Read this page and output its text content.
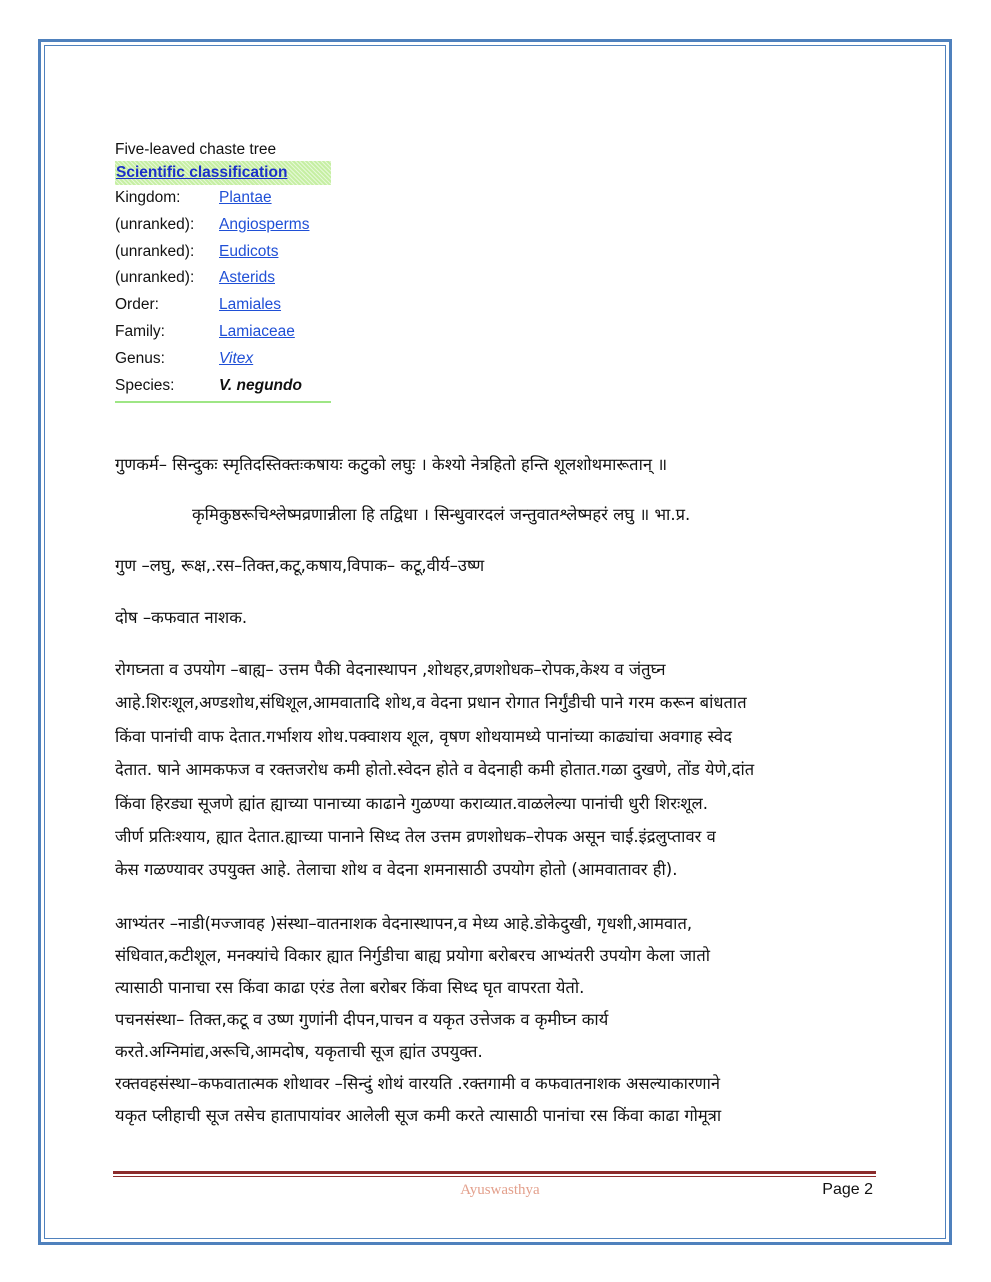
Five-leaved chaste tree
Scientific classification
Kingdom:	Plantae
(unranked):	Angiosperms
(unranked):	Eudicots
(unranked):	Asterids
Order:	Lamiales
Family:	Lamiaceae
Genus:	Vitex
Species:	V. negundo

गुणकर्म– सिन्दुकः स्मृतिदस्तिक्तःकषायः कटुको लघुः । केश्यो नेत्रहितो हन्ति शूलशोथमारूतान् ॥

कृमिकुष्ठरूचिश्लेष्मव्रणान्नीला हि तद्विधा । सिन्धुवारदलं जन्तुवातश्लेष्महरं लघु ॥ भा.प्र.

गुण –लघु, रूक्ष,.रस–तिक्त,कटू,कषाय,विपाक– कटू,वीर्य–उष्ण

दोष –कफवात नाशक.

रोगघ्नता व उपयोग –बाह्य– उत्तम पैकी वेदनास्थापन ,शोथहर,व्रणशोधक–रोपक,केश्य व जंतुघ्न
आहे.शिरःशूल,अण्डशोथ,संधिशूल,आमवातादि शोथ,व वेदना प्रधान रोगात निर्गुंडीची पाने गरम करून बांधतात
किंवा पानांची वाफ देतात.गर्भाशय शोथ.पक्वाशय शूल, वृषण शोथयामध्ये पानांच्या काढ्यांचा अवगाह स्वेद
देतात. षाने आमकफज व रक्तजरोध कमी होतो.स्वेदन होते व वेदनाही कमी होतात.गळा दुखणे, तोंड येणे,दांत
किंवा हिरड्या सूजणे ह्यांत ह्याच्या पानाच्या काढाने गुळण्या कराव्यात.वाळलेल्या पानांची धुरी शिरःशूल.
जीर्ण प्रतिःश्याय, ह्यात देतात.ह्याच्या पानाने सिध्द तेल उत्तम व्रणशोधक–रोपक असून चाई.इंद्रलुप्तावर व
केस गळण्यावर उपयुक्त आहे. तेलाचा शोथ व वेदना शमनासाठी उपयोग होतो (आमवातावर ही).
आभ्यंतर –नाडी(मज्जावह )संस्था–वातनाशक वेदनास्थापन,व मेध्य आहे.डोकेदुखी, गृधशी,आमवात,
संधिवात,कटीशूल, मनक्यांचे विकार ह्यात निर्गुडीचा बाह्य प्रयोगा बरोबरच आभ्यंतरी उपयोग केला जातो
त्यासाठी पानाचा रस किंवा काढा एरंड तेला बरोबर किंवा सिध्द घृत वापरता येतो.
पचनसंस्था– तिक्त,कटू व उष्ण गुणांनी दीपन,पाचन व यकृत उत्तेजक व कृमीघ्न कार्य
करते.अग्निमांद्य,अरूचि,आमदोष, यकृताची सूज ह्यांत उपयुक्त.
रक्तवहसंस्था–कफवातात्मक शोथावर –सिन्दुं शोथं वारयति .रक्तगामी व कफवातनाशक असल्याकारणाने
यकृत प्लीहाची सूज तसेच हातापायांवर आलेली सूज कमी करते त्यासाठी पानांचा रस किंवा काढा गोमूत्रा
Ayuswasthya	Page 2
